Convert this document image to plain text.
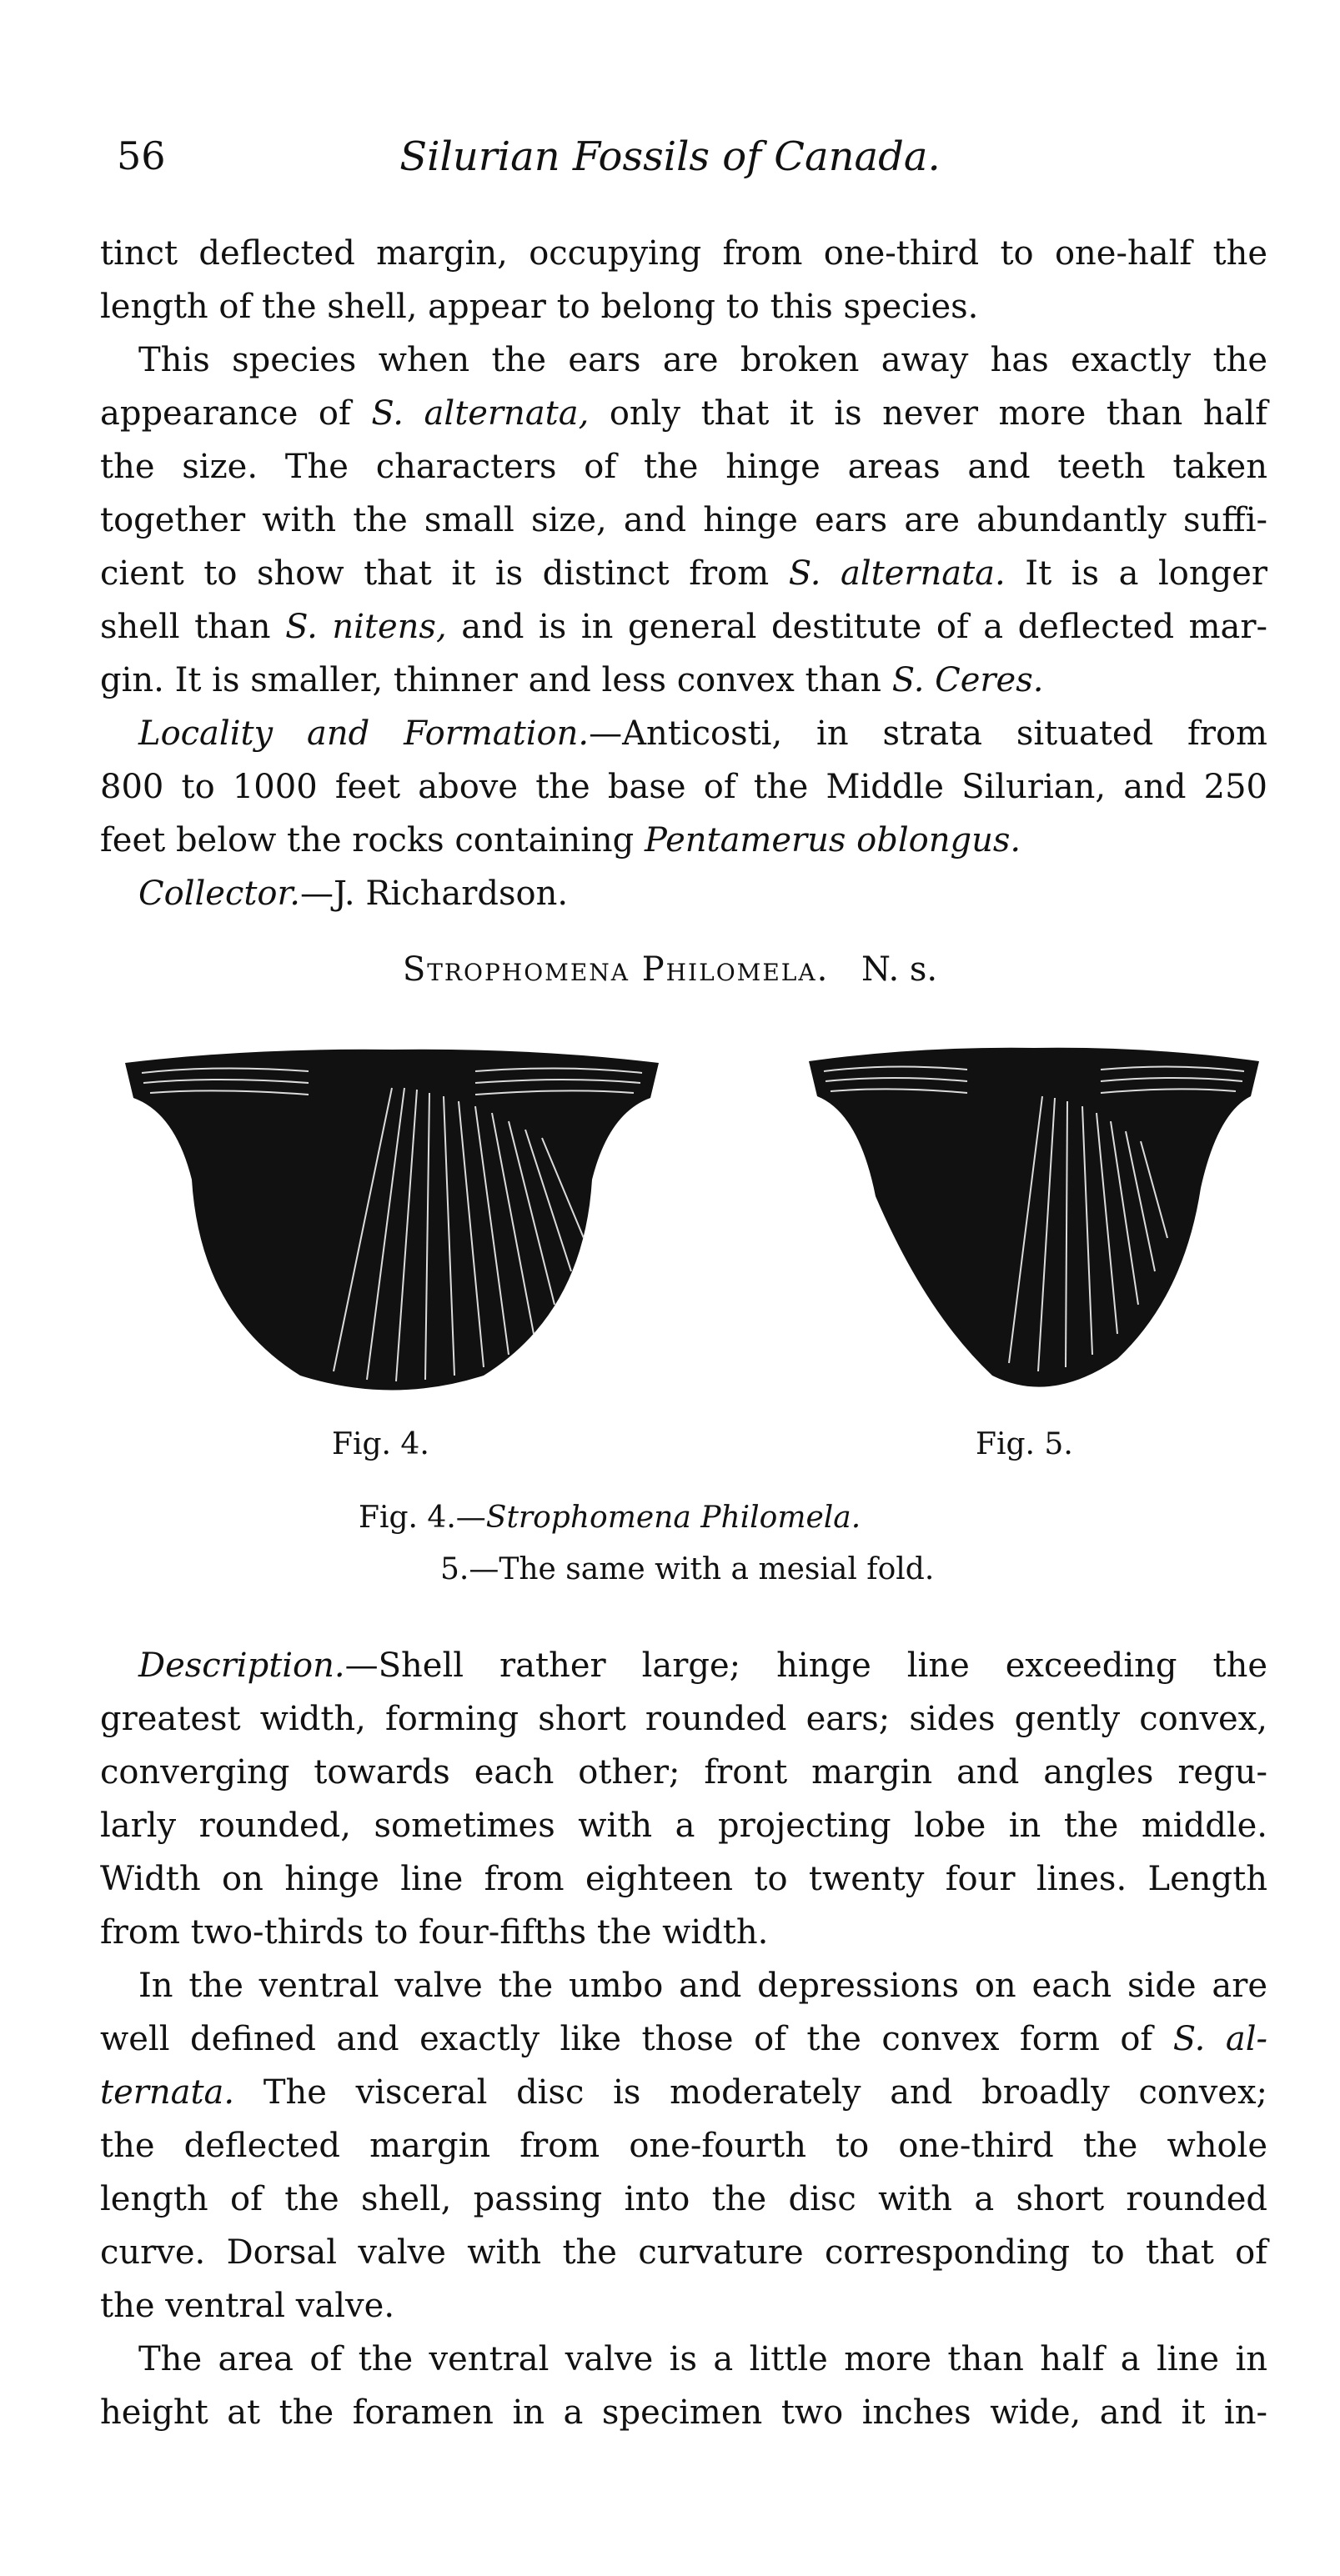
56	Silurian Fossils of Canada.
tinct deflected margin, occupying from one-third to one-half the
length of the shell, appear to belong to this species.
This species when the ears are broken away has exactly the
appearance of S. alternata, only that it is never more than half
the size. The characters of the hinge areas and teeth taken
together with the small size, and hinge ears are abundantly suffi-
cient to show that it is distinct from S. alternata. It is a longer
shell than S. nitens, and is in general destitute of a deflected mar-
gin. It is smaller, thinner and less convex than S. Ceres.
Locality and Formation.—Anticosti, in strata situated from
800 to 1000 feet above the base of the Middle Silurian, and 250
feet below the rocks containing Pentamerus oblongus.
Collector.—J. Richardson.
Strophomena Philomela. N. s.
Fig. 4.	Fig. 5.
Fig. 4.—Strophomena Philomela.
5.—The same with a mesial fold.
Description.—Shell rather large; hinge line exceeding the
greatest width, forming short rounded ears; sides gently convex,
converging towards each other; front margin and angles regu-
larly rounded, sometimes with a projecting lobe in the middle.
Width on hinge line from eighteen to twenty four lines. Length
from two-thirds to four-fifths the width.
In the ventral valve the umbo and depressions on each side are
well defined and exactly like those of the convex form of S. al-
ternata. The visceral disc is moderately and broadly convex;
the deflected margin from one-fourth to one-third the whole
length of the shell, passing into the disc with a short rounded
curve. Dorsal valve with the curvature corresponding to that of
the ventral valve.
The area of the ventral valve is a little more than half a line in
height at the foramen in a specimen two inches wide, and it in-
